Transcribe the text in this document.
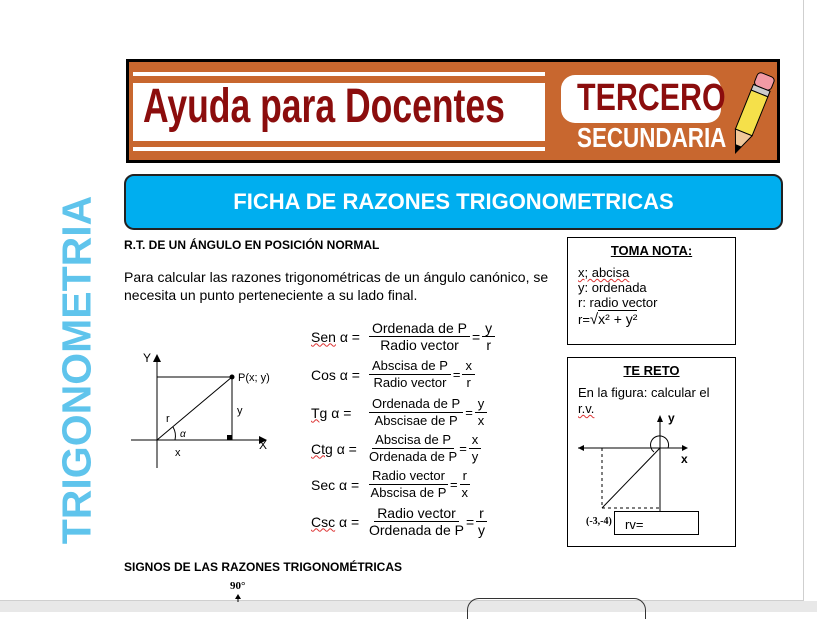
TERCERO
SECUNDARIA
Ayuda para Docentes
FICHA DE RAZONES TRIGONOMETRICAS
TRIGONOMETRIA R.T. DE UN ÁNGULO EN POSICIÓN NORMAL
Para calcular las razones trigonométricas de un ángulo canónico, se necesita un punto perteneciente a su lado final.
Y
X
P(x; y)
y
r
α
x
Sen $\alpha = \frac{\text{Ordenada de P}}{\text{Radio vector}} = \frac{y}{r}$
Cos $\alpha = \frac{\text{Abscisa de P}}{\text{Radio vector}} = \frac{x}{r}$
Tg α =	$\frac{\text{Ordenada de P}}{\text{Abscisae de P}} = \frac{y}{x}$
Ctg $\alpha = \frac{\text{Abscisa de P}}{\text{Ordenada de P}} = \frac{x}{y}$
Sec $\alpha = \frac{\text{Radio vector}}{\text{Abscisa de P}} = \frac{r}{x}$
Csc $\alpha = \frac{\text{Radio vector}}{\text{Ordenada de P}} = \frac{r}{y}$
TOMA NOTA:
x; abcisa
y: ordenada
r: radio vector
r=√x² + y²
TE RETO
En la figura: calcular el
r.v.
y
x
(-3,-4)	rv=
SIGNOS DE LAS RAZONES TRIGONOMÉTRICAS
90°
